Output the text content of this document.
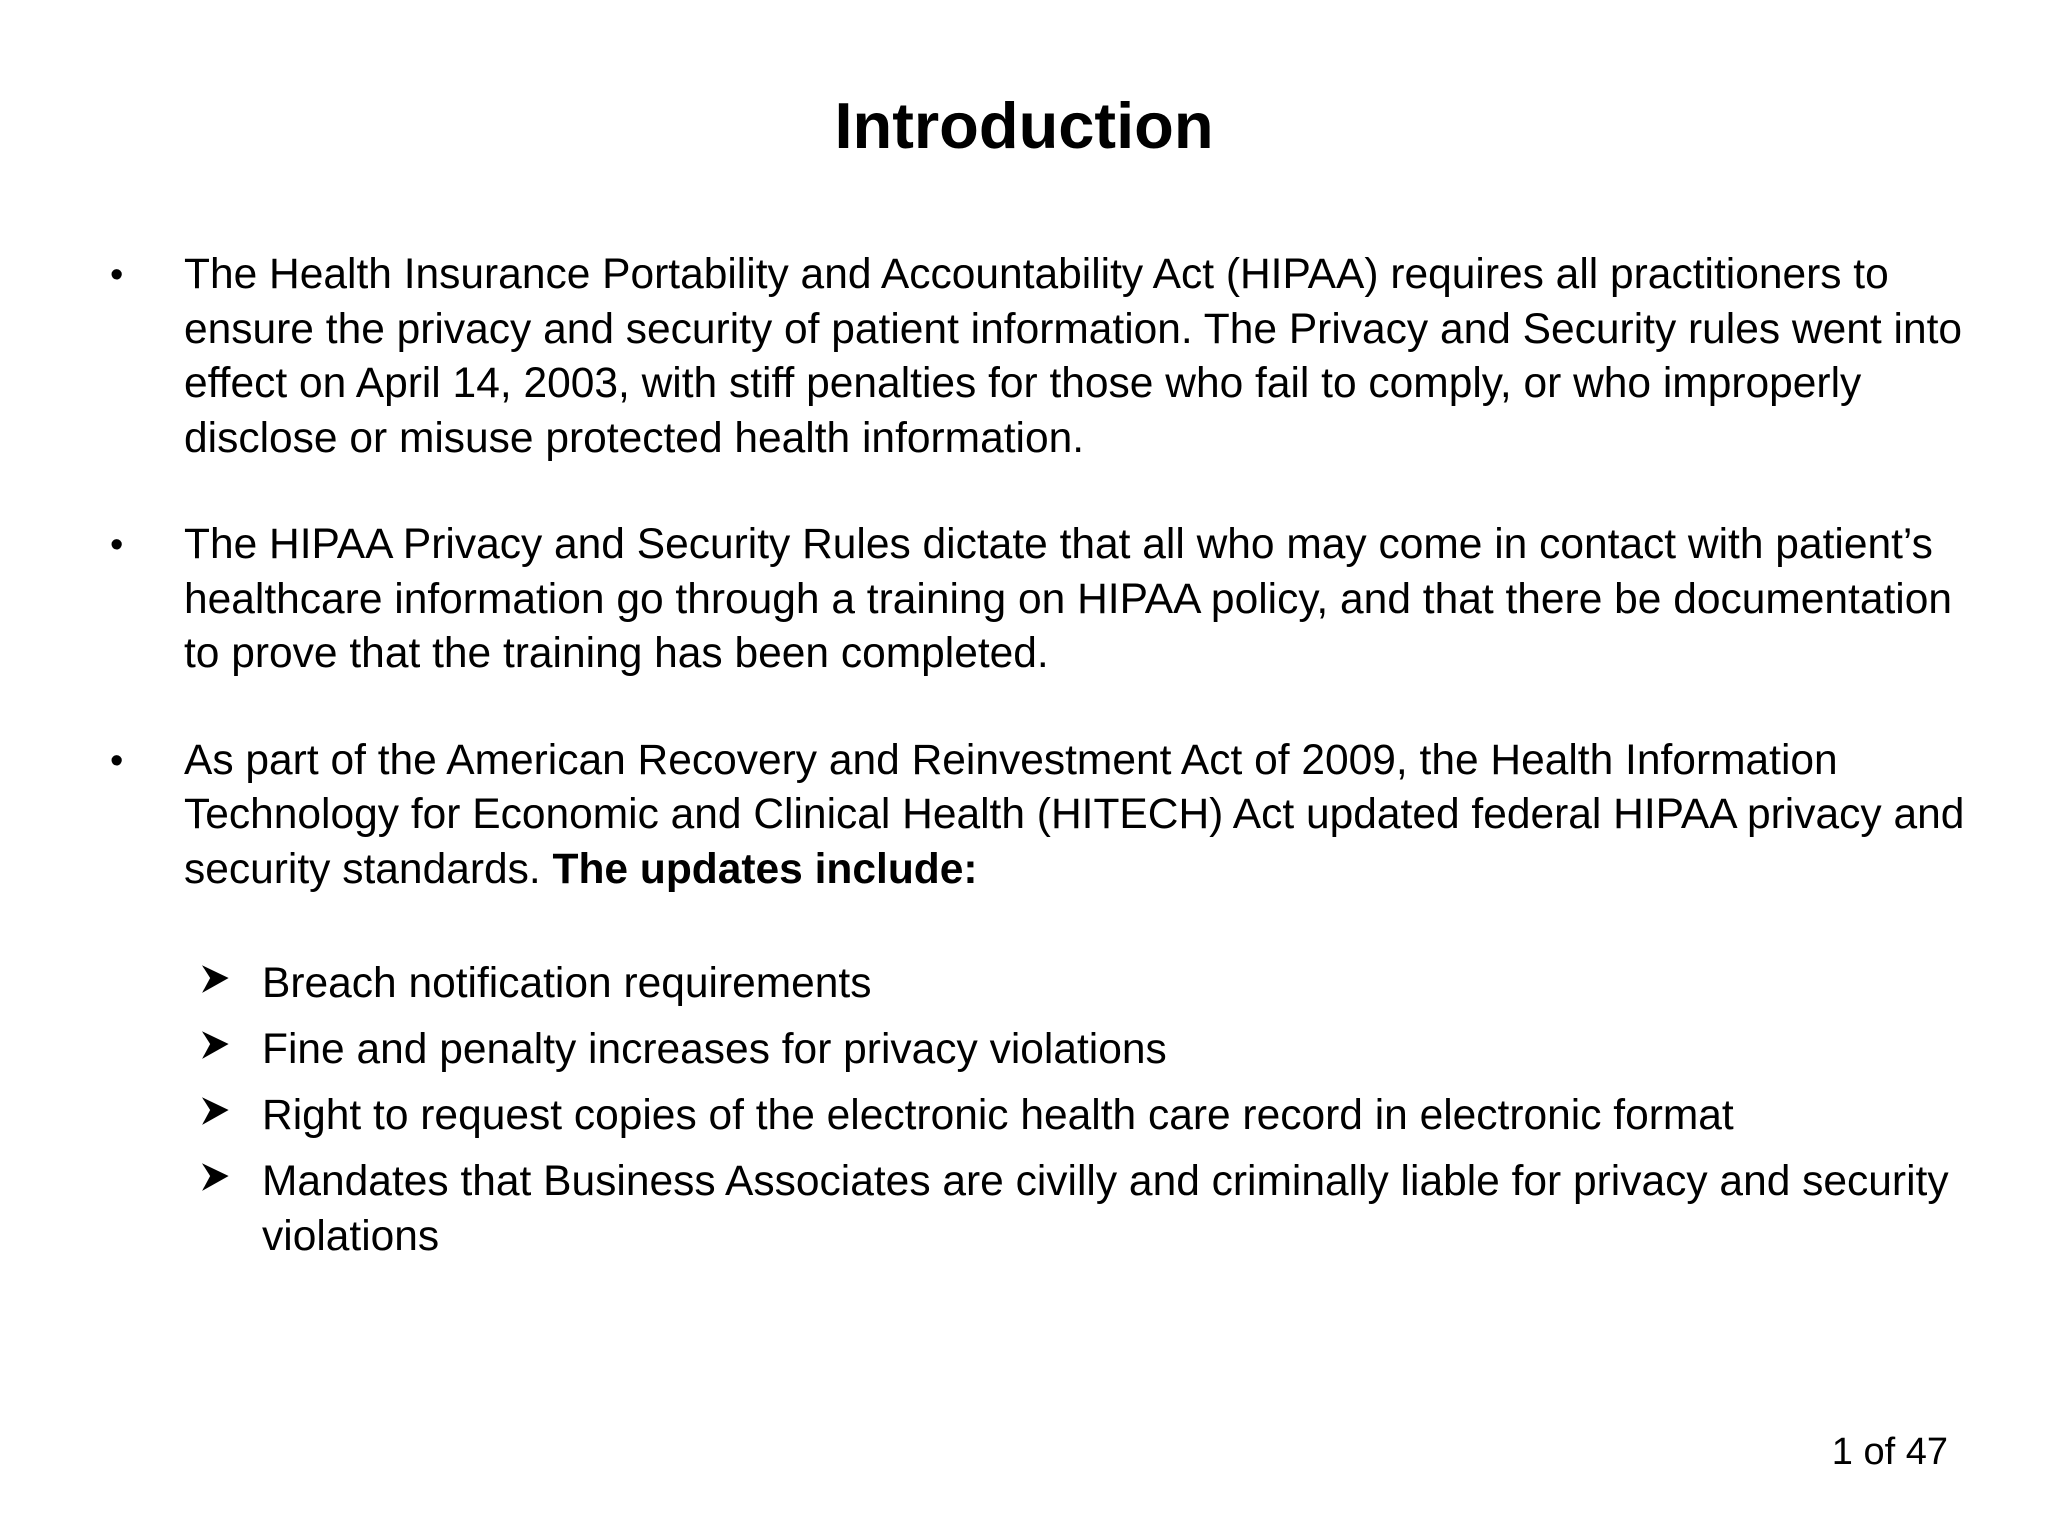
Introduction
•	The Health Insurance Portability and Accountability Act (HIPAA) requires all practitioners to ensure the privacy and security of patient information. The Privacy and Security rules went into effect on April 14, 2003, with stiff penalties for those who fail to comply, or who improperly disclose or misuse protected health information.
•	The HIPAA Privacy and Security Rules dictate that all who may come in contact with patient’s healthcare information go through a training on HIPAA policy, and that there be documentation to prove that the training has been completed.
•	As part of the American Recovery and Reinvestment Act of 2009, the Health Information Technology for Economic and Clinical Health (HITECH) Act updated federal HIPAA privacy and security standards. The updates include:
Breach notification requirements
Fine and penalty increases for privacy violations
Right to request copies of the electronic health care record in electronic format
Mandates that Business Associates are civilly and criminally liable for privacy and security violations
1 of 47
